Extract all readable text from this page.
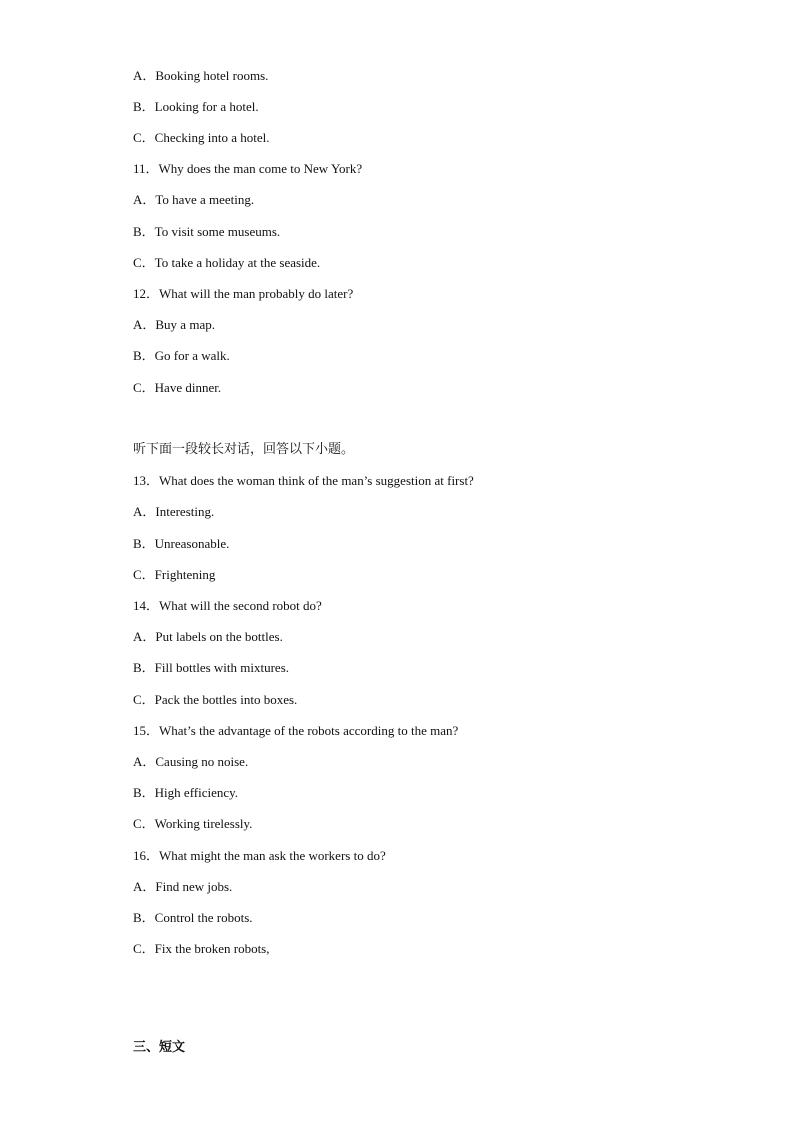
A．Booking hotel rooms.
B．Looking for a hotel.
C．Checking into a hotel.
11．Why does the man come to New York?
A．To have a meeting.
B．To visit some museums.
C．To take a holiday at the seaside.
12．What will the man probably do later?
A．Buy a map.
B．Go for a walk.
C．Have dinner.
听下面一段较长对话，回答以下小题。
13．What does the woman think of the man’s suggestion at first?
A．Interesting.
B．Unreasonable.
C．Frightening
14．What will the second robot do?
A．Put labels on the bottles.
B．Fill bottles with mixtures.
C．Pack the bottles into boxes.
15．What’s the advantage of the robots according to the man?
A．Causing no noise.
B．High efficiency.
C．Working tirelessly.
16．What might the man ask the workers to do?
A．Find new jobs.
B．Control the robots.
C．Fix the broken robots,
三、短文
